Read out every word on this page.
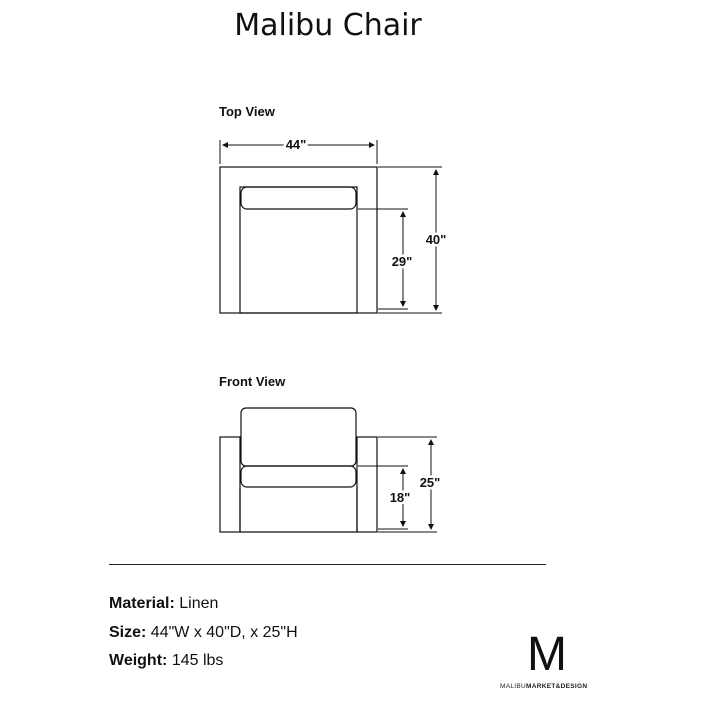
Malibu Chair
Top View
Front View
44"
40"
29"
25"
18"
Material: Linen
Size: 44"W x 40"D, x 25"H
Weight: 145 lbs	M
MALIBUMARKET&DESIGN
